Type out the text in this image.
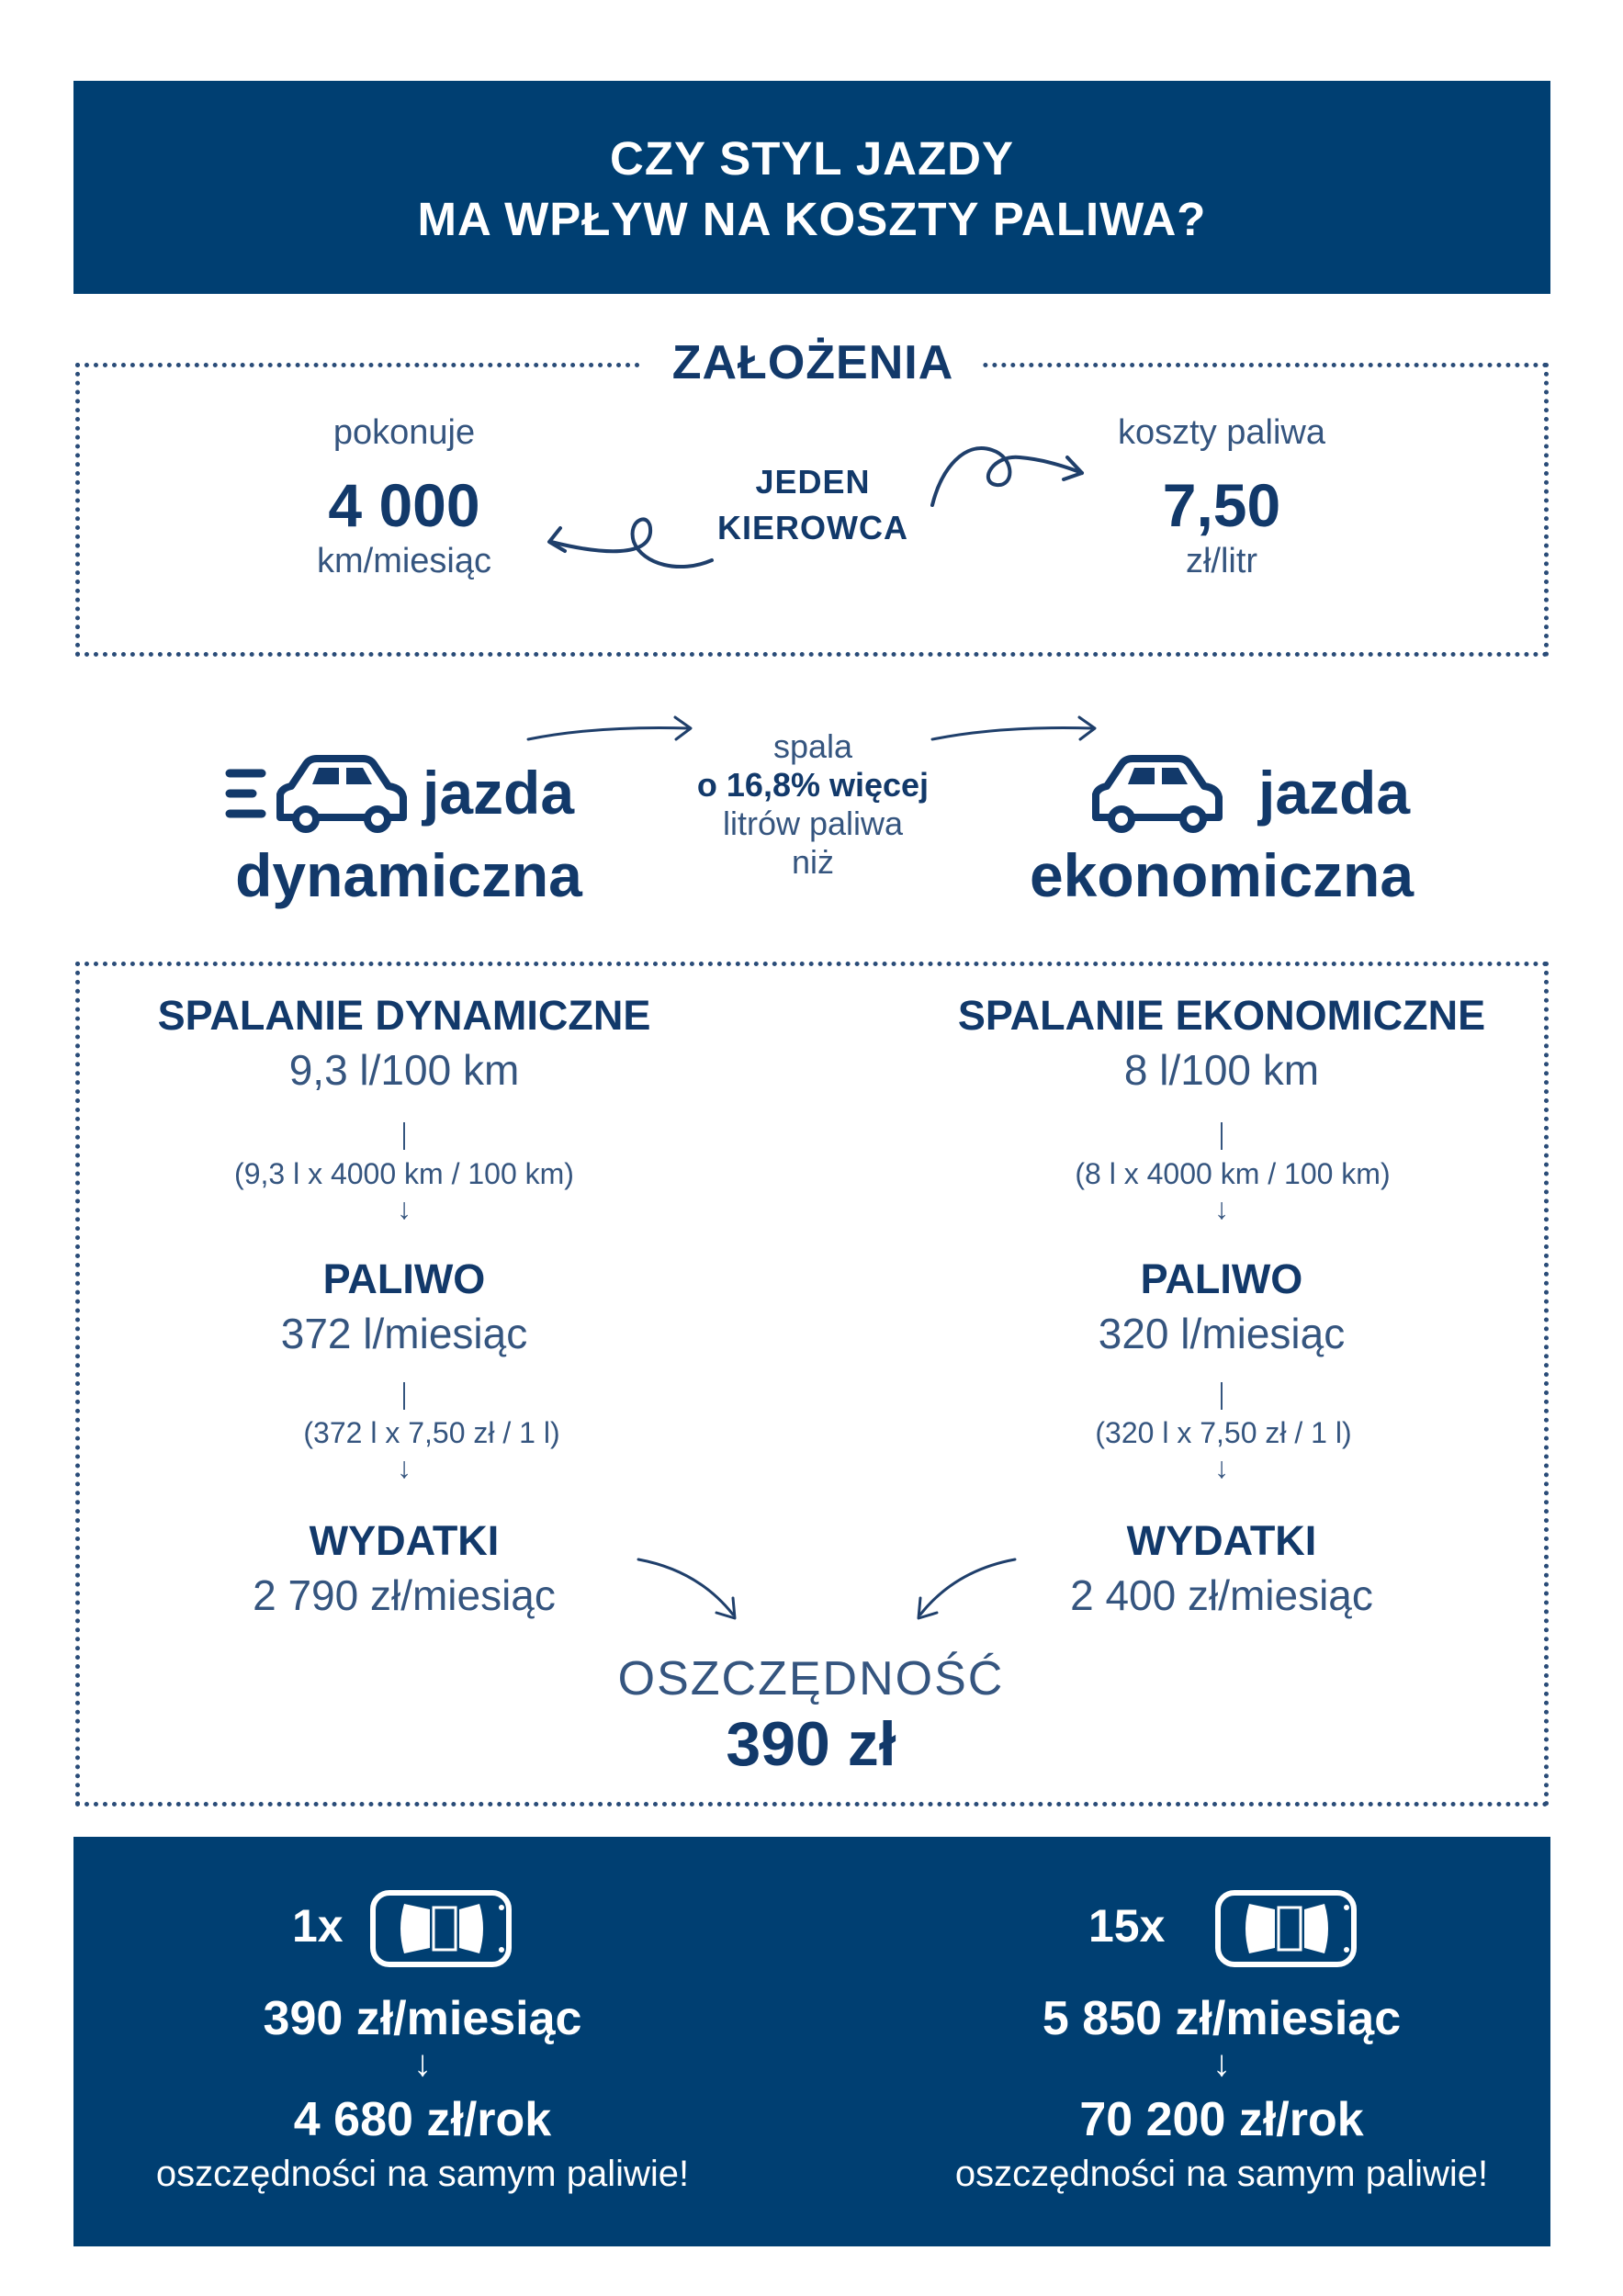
CZY STYL JAZDY
MA WPŁYW NA KOSZTY PALIWA?
ZAŁOŻENIA
pokonuje
4 000
km/miesiąc
JEDEN
KIEROWCA
koszty paliwa
7,50
zł/litr
jazda
dynamiczna
spala
o 16,8% więcej
litrów paliwa
niż
jazda
ekonomiczna
SPALANIE DYNAMICZNE
9,3 l/100 km
(9,3 l x 4000 km / 100 km)
↓
PALIWO
372 l/miesiąc
(372 l x 7,50 zł / 1 l)
↓
WYDATKI
2 790 zł/miesiąc
SPALANIE EKONOMICZNE
8 l/100 km
(8 l x 4000 km / 100 km)
↓
PALIWO
320 l/miesiąc
(320 l x 7,50 zł / 1 l)
↓
WYDATKI
2 400 zł/miesiąc
OSZCZĘDNOŚĆ
390 zł
1x
390 zł/miesiąc
↓
4 680 zł/rok
oszczędności na samym paliwie!
15x
5 850 zł/miesiąc
↓
70 200 zł/rok
oszczędności na samym paliwie!
